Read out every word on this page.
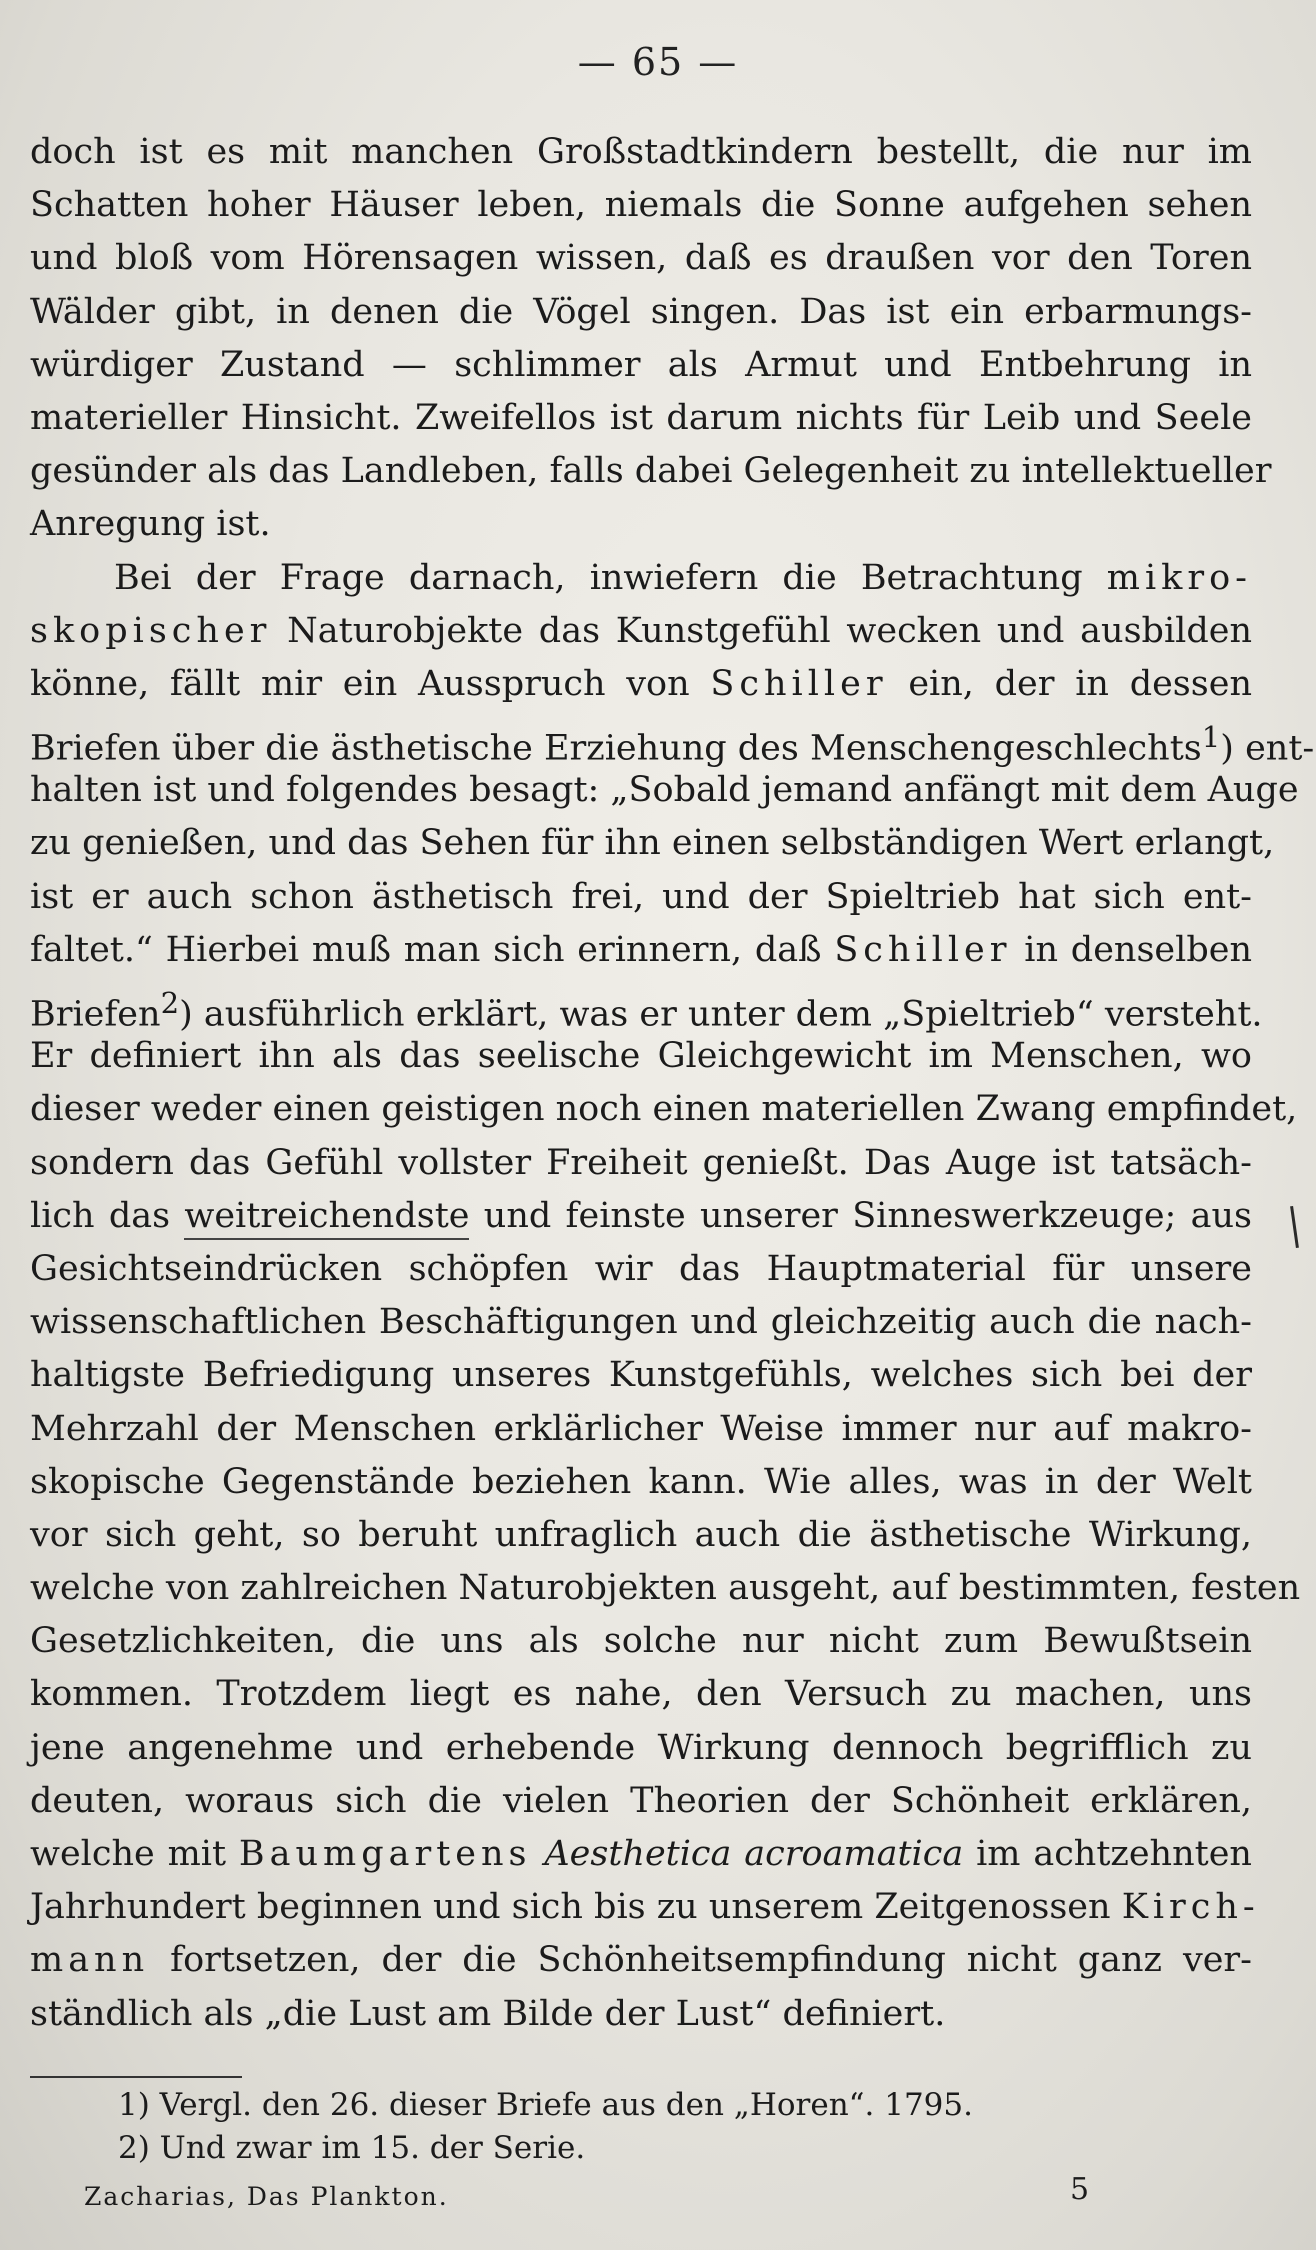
— 65 —
doch ist es mit manchen Großstadtkindern bestellt, die nur im
Schatten hoher Häuser leben, niemals die Sonne aufgehen sehen
und bloß vom Hörensagen wissen, daß es draußen vor den Toren
Wälder gibt, in denen die Vögel singen. Das ist ein erbarmungs-
würdiger Zustand — schlimmer als Armut und Entbehrung in
materieller Hinsicht. Zweifellos ist darum nichts für Leib und Seele
gesünder als das Landleben, falls dabei Gelegenheit zu intellektueller
Anregung ist.
Bei der Frage darnach, inwiefern die Betrachtung mikro-
skopischer Naturobjekte das Kunstgefühl wecken und ausbilden
könne, fällt mir ein Ausspruch von Schiller ein, der in dessen
Briefen über die ästhetische Erziehung des Menschengeschlechts$^1$) ent-
halten ist und folgendes besagt: „Sobald jemand anfängt mit dem Auge
zu genießen, und das Sehen für ihn einen selbständigen Wert erlangt,
ist er auch schon ästhetisch frei, und der Spieltrieb hat sich ent-
faltet.“ Hierbei muß man sich erinnern, daß Schiller in denselben
Briefen$^2$) ausführlich erklärt, was er unter dem „Spieltrieb“ versteht.
Er definiert ihn als das seelische Gleichgewicht im Menschen, wo
dieser weder einen geistigen noch einen materiellen Zwang empfindet,
sondern das Gefühl vollster Freiheit genießt. Das Auge ist tatsäch-
lich das weitreichendste und feinste unserer Sinneswerkzeuge; aus
Gesichtseindrücken schöpfen wir das Hauptmaterial für unsere
wissenschaftlichen Beschäftigungen und gleichzeitig auch die nach-
haltigste Befriedigung unseres Kunstgefühls, welches sich bei der
Mehrzahl der Menschen erklärlicher Weise immer nur auf makro-
skopische Gegenstände beziehen kann. Wie alles, was in der Welt
vor sich geht, so beruht unfraglich auch die ästhetische Wirkung,
welche von zahlreichen Naturobjekten ausgeht, auf bestimmten, festen
Gesetzlichkeiten, die uns als solche nur nicht zum Bewußtsein
kommen. Trotzdem liegt es nahe, den Versuch zu machen, uns
jene angenehme und erhebende Wirkung dennoch begrifflich zu
deuten, woraus sich die vielen Theorien der Schönheit erklären,
welche mit Baumgartens Aesthetica acroamatica im achtzehnten
Jahrhundert beginnen und sich bis zu unserem Zeitgenossen Kirch-
mann fortsetzen, der die Schönheitsempfindung nicht ganz ver-
ständlich als „die Lust am Bilde der Lust“ definiert.
1) Vergl. den 26. dieser Briefe aus den „Horen“. 1795.
2) Und zwar im 15. der Serie.
Zacharias, Das Plankton.	5
